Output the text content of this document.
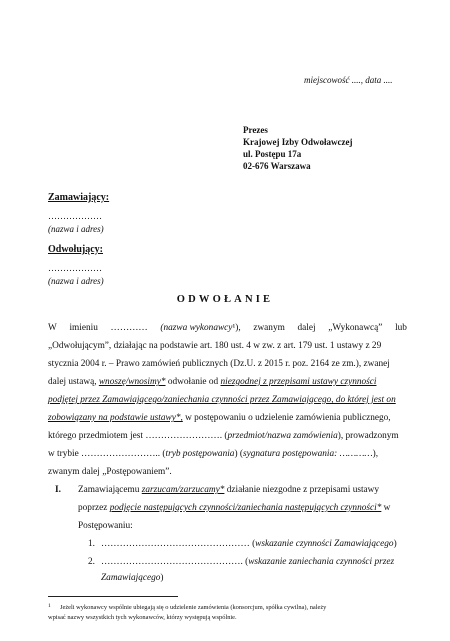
miejscowość ...., data ....
Prezes
Krajowej Izby Odwoławczej
ul. Postępu 17a
02-676 Warszawa
Zamawiający:
………………
(nazwa i adres)
Odwołujący:
………………
(nazwa i adres)
ODWOŁANIE
W imieniu ………… (nazwa wykonawcy¹), zwanym dalej „Wykonawcą” lub
„Odwołującym”, działając na podstawie art. 180 ust. 4 w zw. z art. 179 ust. 1 ustawy z 29
stycznia 2004 r. – Prawo zamówień publicznych (Dz.U. z 2015 r. poz. 2164 ze zm.), zwanej
dalej ustawą, wnoszę/wnosimy* odwołanie od niezgodnej z przepisami ustawy czynności
podjętej przez Zamawiającego/zaniechania czynności przez Zamawiającego, do której jest on
zobowiązany na podstawie ustawy*, w postępowaniu o udzielenie zamówienia publicznego,
którego przedmiotem jest ……………………. (przedmiot/nazwa zamówienia), prowadzonym
w trybie …………………….. (tryb postępowania) (sygnatura postępowania: …………),
zwanym dalej „Postępowaniem”.
I. Zamawiającemu zarzucam/zarzucamy* działanie niezgodne z przepisami ustawy
poprzez podjęcie następujących czynności/zaniechania następujących czynności* w
Postępowaniu:
1. ………………………………………… (wskazanie czynności Zamawiającego)
2. ………………………………………. (wskazanie zaniechania czynności przez
Zamawiającego)
1 Jeżeli wykonawcy wspólnie ubiegają się o udzielenie zamówienia (konsorcjum, spółka cywilna), należy
wpisać nazwy wszystkich tych wykonawców, którzy występują wspólnie.
